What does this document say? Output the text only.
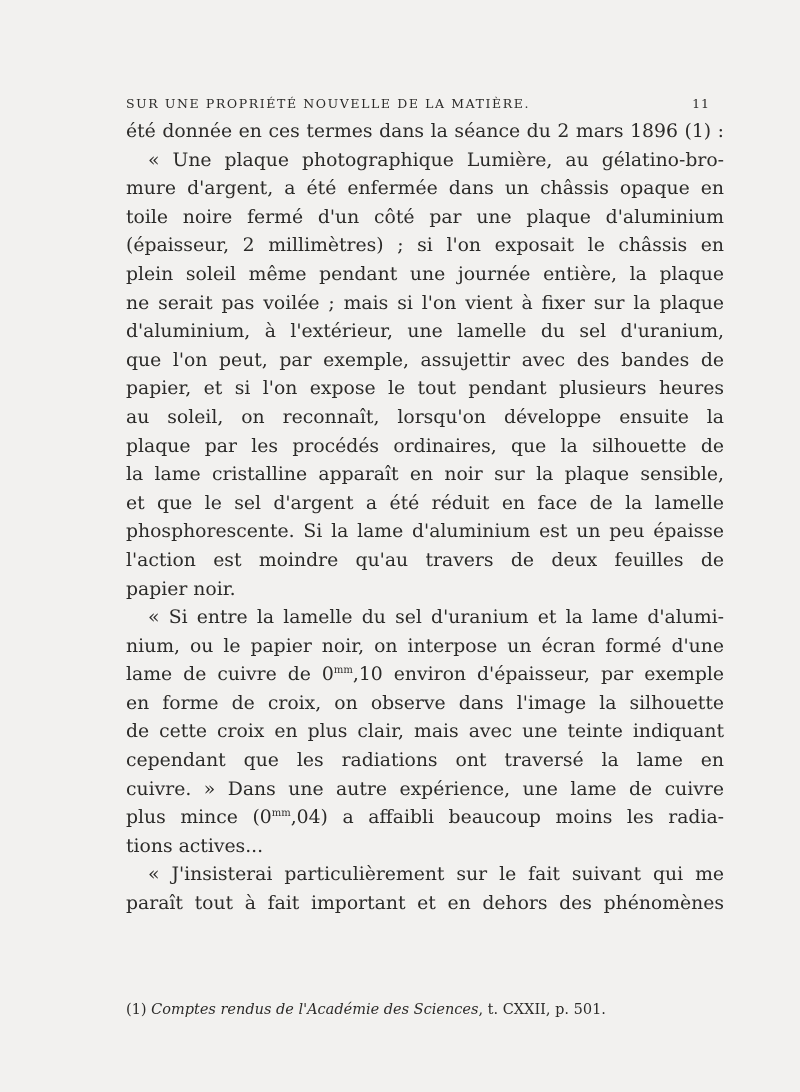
SUR UNE PROPRIÉTÉ NOUVELLE DE LA MATIÈRE.	11
été donnée en ces termes dans la séance du 2 mars 1896 (1) :
« Une plaque photographique Lumière, au gélatino-bro-
mure d'argent, a été enfermée dans un châssis opaque en
toile noire fermé d'un côté par une plaque d'aluminium
(épaisseur, 2 millimètres) ; si l'on exposait le châssis en
plein soleil même pendant une journée entière, la plaque
ne serait pas voilée ; mais si l'on vient à fixer sur la plaque
d'aluminium, à l'extérieur, une lamelle du sel d'uranium,
que l'on peut, par exemple, assujettir avec des bandes de
papier, et si l'on expose le tout pendant plusieurs heures
au soleil, on reconnaît, lorsqu'on développe ensuite la
plaque par les procédés ordinaires, que la silhouette de
la lame cristalline apparaît en noir sur la plaque sensible,
et que le sel d'argent a été réduit en face de la lamelle
phosphorescente. Si la lame d'aluminium est un peu épaisse
l'action est moindre qu'au travers de deux feuilles de
papier noir.
« Si entre la lamelle du sel d'uranium et la lame d'alumi-
nium, ou le papier noir, on interpose un écran formé d'une
lame de cuivre de $0^{mm},10$ environ d'épaisseur, par exemple
en forme de croix, on observe dans l'image la silhouette
de cette croix en plus clair, mais avec une teinte indiquant
cependant que les radiations ont traversé la lame en
cuivre. » Dans une autre expérience, une lame de cuivre
plus mince $(0^{mm},04)$ a affaibli beaucoup moins les radia-
tions actives...
« J'insisterai particulièrement sur le fait suivant qui me
paraît tout à fait important et en dehors des phénomènes
(1) Comptes rendus de l'Académie des Sciences, t. CXXII, p. 501.
